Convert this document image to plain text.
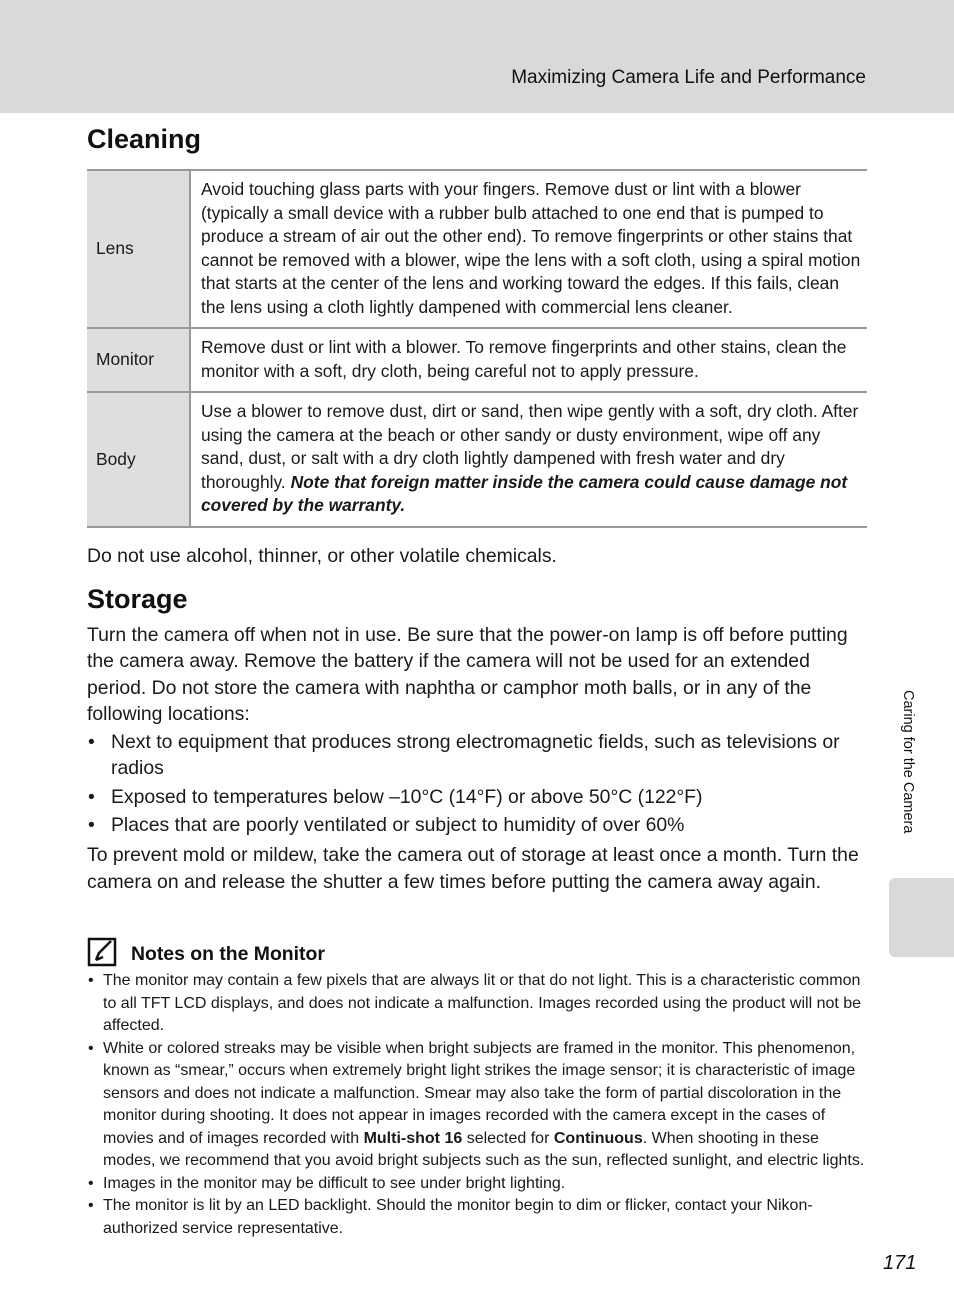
Maximizing Camera Life and Performance
Cleaning
Lens	Avoid touching glass parts with your fingers. Remove dust or lint with a blower (typically a small device with a rubber bulb attached to one end that is pumped to produce a stream of air out the other end). To remove fingerprints or other stains that cannot be removed with a blower, wipe the lens with a soft cloth, using a spiral motion that starts at the center of the lens and working toward the edges. If this fails, clean the lens using a cloth lightly dampened with commercial lens cleaner.
Monitor	Remove dust or lint with a blower. To remove fingerprints and other stains, clean the monitor with a soft, dry cloth, being careful not to apply pressure.
Body	Use a blower to remove dust, dirt or sand, then wipe gently with a soft, dry cloth. After using the camera at the beach or other sandy or dusty environment, wipe off any sand, dust, or salt with a dry cloth lightly dampened with fresh water and dry thoroughly. Note that foreign matter inside the camera could cause damage not covered by the warranty.

Do not use alcohol, thinner, or other volatile chemicals.

Storage

Turn the camera off when not in use. Be sure that the power-on lamp is off before putting the camera away. Remove the battery if the camera will not be used for an extended period. Do not store the camera with naphtha or camphor moth balls, or in any of the following locations:

• Next to equipment that produces strong electromagnetic fields, such as televisions or radios
• Exposed to temperatures below –10°C (14°F) or above 50°C (122°F)
• Places that are poorly ventilated or subject to humidity of over 60%

To prevent mold or mildew, take the camera out of storage at least once a month. Turn the camera on and release the shutter a few times before putting the camera away again.

Caring for the Camera
Notes on the Monitor
• The monitor may contain a few pixels that are always lit or that do not light. This is a characteristic common to all TFT LCD displays, and does not indicate a malfunction. Images recorded using the product will not be affected.
• White or colored streaks may be visible when bright subjects are framed in the monitor. This phenomenon, known as “smear,” occurs when extremely bright light strikes the image sensor; it is characteristic of image sensors and does not indicate a malfunction. Smear may also take the form of partial discoloration in the monitor during shooting. It does not appear in images recorded with the camera except in the cases of movies and of images recorded with Multi-shot 16 selected for Continuous. When shooting in these modes, we recommend that you avoid bright subjects such as the sun, reflected sunlight, and electric lights.
• Images in the monitor may be difficult to see under bright lighting.
• The monitor is lit by an LED backlight. Should the monitor begin to dim or flicker, contact your Nikon-authorized service representative.
171
